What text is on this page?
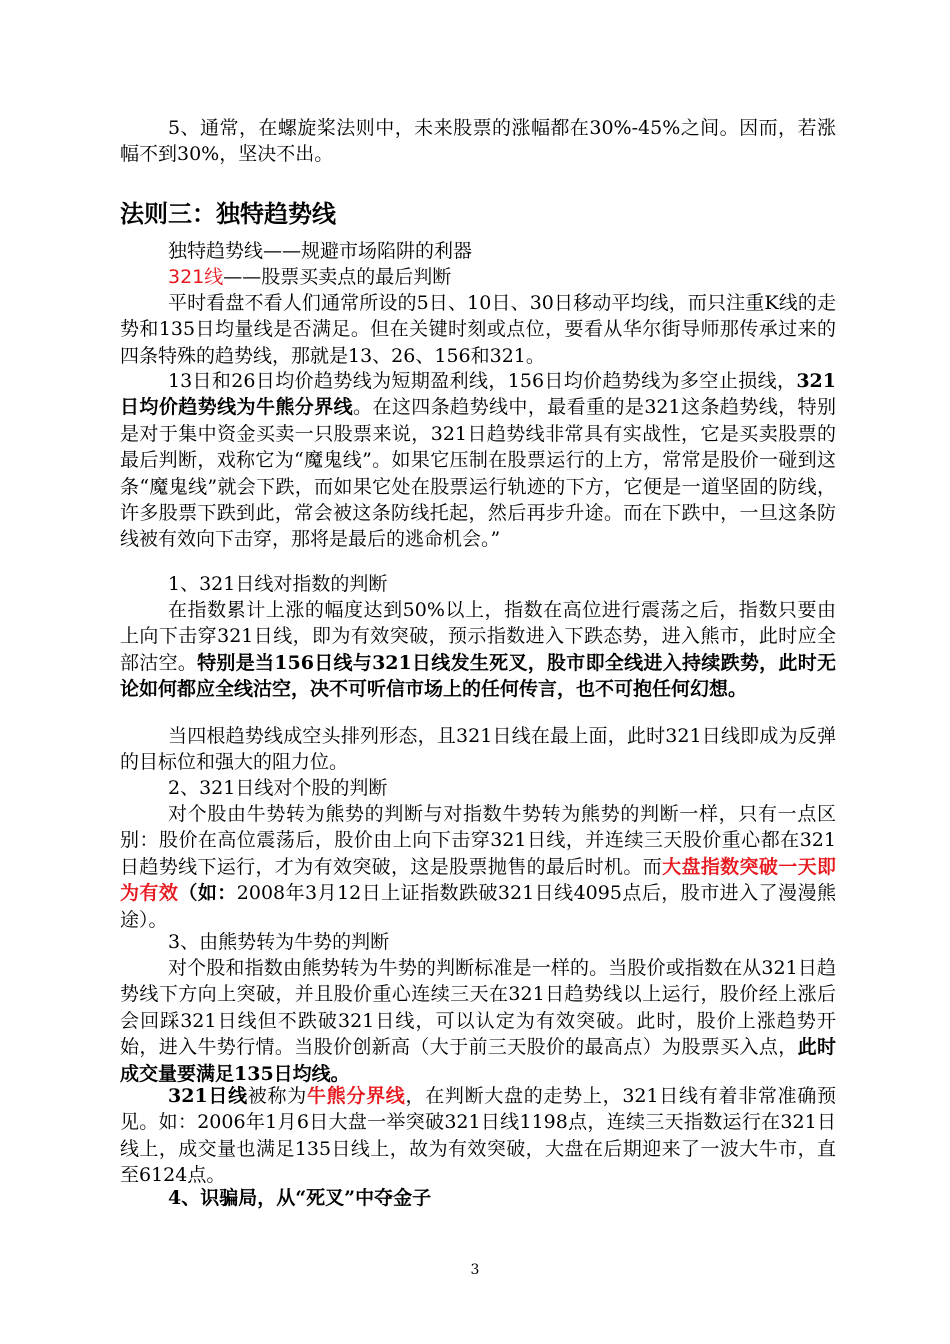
5、通常，在螺旋桨法则中，未来股票的涨幅都在30%-45%之间。因而，若涨幅不到30%，坚决不出。

法则三：独特趋势线

独特趋势线——规避市场陷阱的利器

321线——股票买卖点的最后判断

平时看盘不看人们通常所设的5日、10日、30日移动平均线，而只注重K线的走势和135日均量线是否满足。但在关键时刻或点位，要看从华尔街导师那传承过来的四条特殊的趋势线，那就是13、26、156和321。

13日和26日均价趋势线为短期盈利线，156日均价趋势线为多空止损线，321日均价趋势线为牛熊分界线。在这四条趋势线中，最看重的是321这条趋势线，特别是对于集中资金买卖一只股票来说，321日趋势线非常具有实战性，它是买卖股票的最后判断，戏称它为“魔鬼线”。如果它压制在股票运行的上方，常常是股价一碰到这条“魔鬼线”就会下跌，而如果它处在股票运行轨迹的下方，它便是一道坚固的防线，许多股票下跌到此，常会被这条防线托起，然后再步升途。而在下跌中，一旦这条防线被有效向下击穿，那将是最后的逃命机会。”

1、321日线对指数的判断

在指数累计上涨的幅度达到50%以上，指数在高位进行震荡之后，指数只要由上向下击穿321日线，即为有效突破，预示指数进入下跌态势，进入熊市，此时应全部沽空。特别是当156日线与321日线发生死叉，股市即全线进入持续跌势，此时无论如何都应全线沽空，决不可听信市场上的任何传言，也不可抱任何幻想。

当四根趋势线成空头排列形态，且321日线在最上面，此时321日线即成为反弹的目标位和强大的阻力位。

2、321日线对个股的判断

对个股由牛势转为熊势的判断与对指数牛势转为熊势的判断一样，只有一点区别：股价在高位震荡后，股价由上向下击穿321日线，并连续三天股价重心都在321日趋势线下运行，才为有效突破，这是股票抛售的最后时机。而大盘指数突破一天即为有效（如：2008年3月12日上证指数跌破321日线4095点后，股市进入了漫漫熊途）。

3、由熊势转为牛势的判断

对个股和指数由熊势转为牛势的判断标准是一样的。当股价或指数在从321日趋势线下方向上突破，并且股价重心连续三天在321日趋势线以上运行，股价经上涨后会回踩321日线但不跌破321日线，可以认定为有效突破。此时，股价上涨趋势开始，进入牛势行情。当股价创新高（大于前三天股价的最高点）为股票买入点，此时成交量要满足135日均线。

321日线被称为牛熊分界线，在判断大盘的走势上，321日线有着非常准确预见。如：2006年1月6日大盘一举突破321日线1198点，连续三天指数运行在321日线上，成交量也满足135日线上，故为有效突破，大盘在后期迎来了一波大牛市，直至6124点。

4、识骗局，从“死叉”中夺金子

3
